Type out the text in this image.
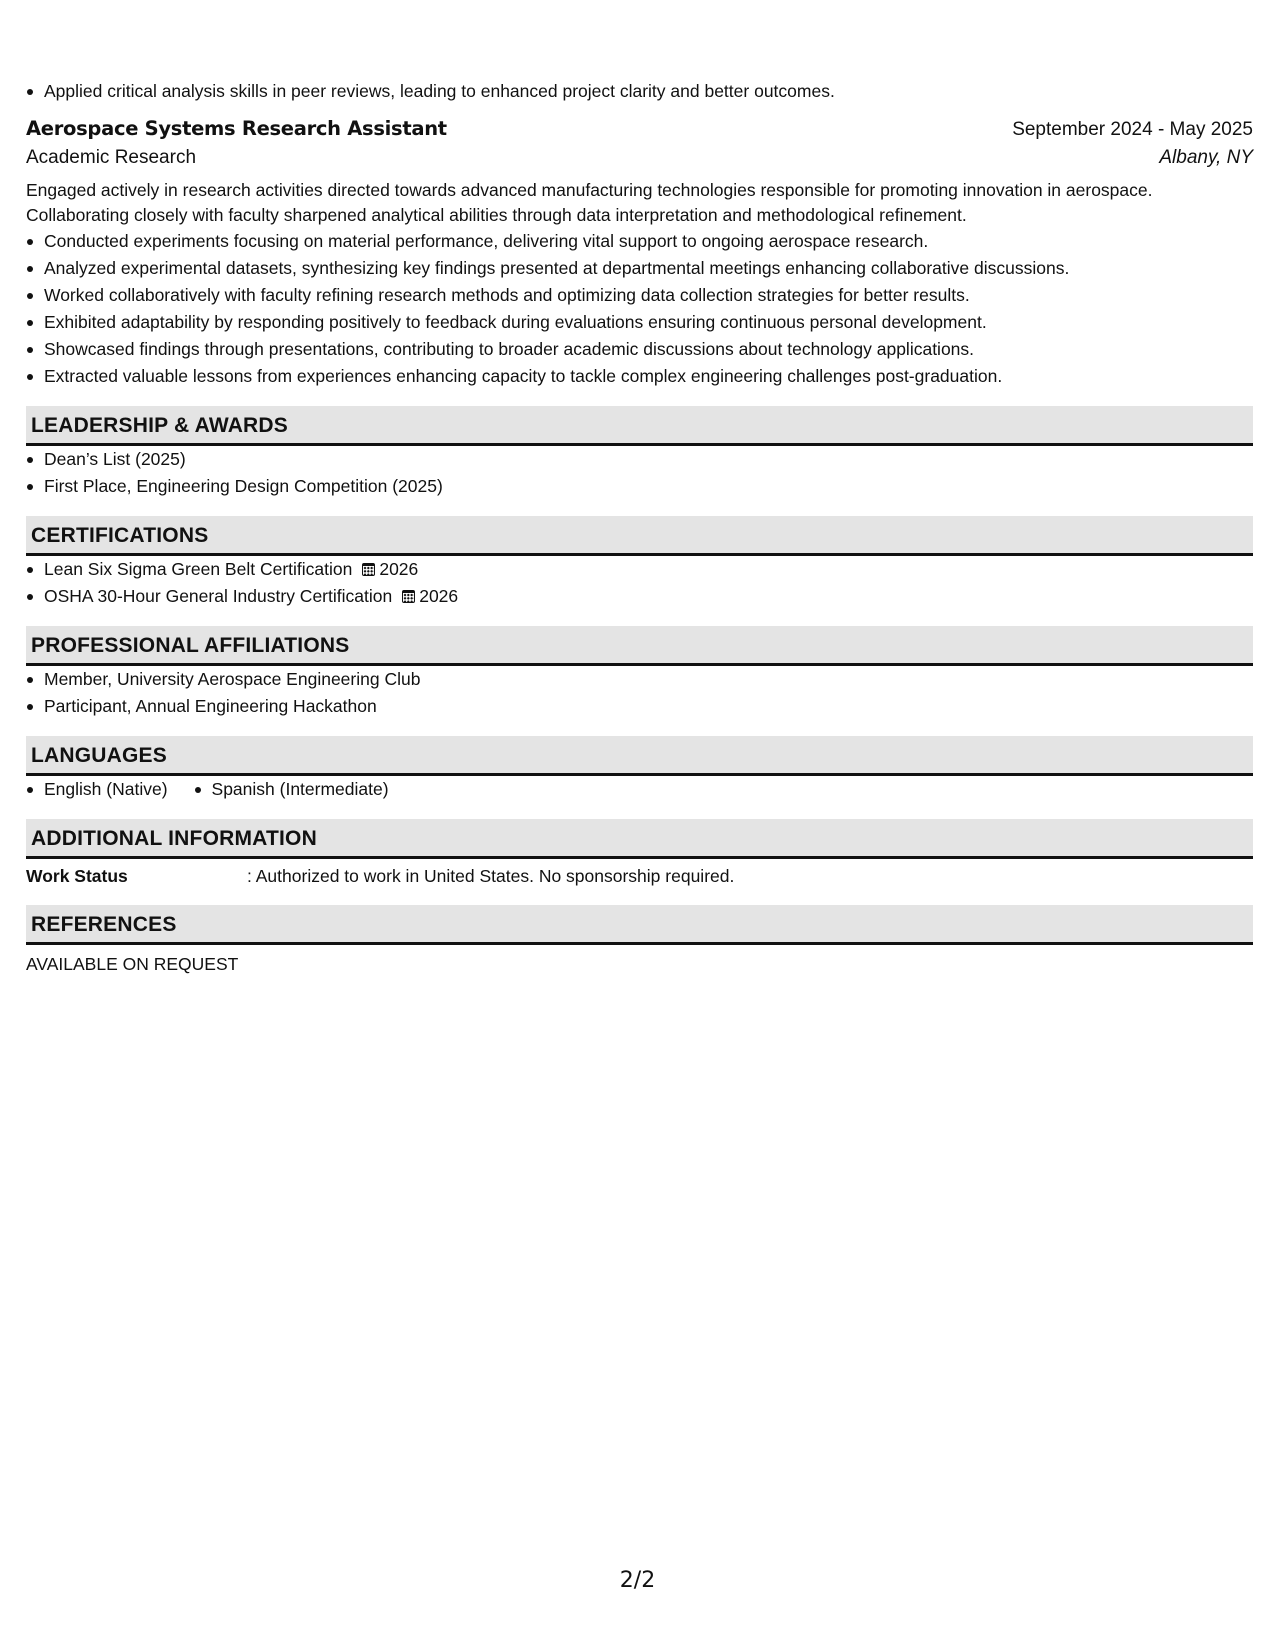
Applied critical analysis skills in peer reviews, leading to enhanced project clarity and better outcomes.
Aerospace Systems Research Assistant	September 2024 - May 2025
Academic Research	Albany, NY
Engaged actively in research activities directed towards advanced manufacturing technologies responsible for promoting innovation in aerospace. Collaborating closely with faculty sharpened analytical abilities through data interpretation and methodological refinement.
Conducted experiments focusing on material performance, delivering vital support to ongoing aerospace research.
Analyzed experimental datasets, synthesizing key findings presented at departmental meetings enhancing collaborative discussions.
Worked collaboratively with faculty refining research methods and optimizing data collection strategies for better results.
Exhibited adaptability by responding positively to feedback during evaluations ensuring continuous personal development.
Showcased findings through presentations, contributing to broader academic discussions about technology applications.
Extracted valuable lessons from experiences enhancing capacity to tackle complex engineering challenges post-graduation.
LEADERSHIP & AWARDS
Dean’s List (2025)
First Place, Engineering Design Competition (2025)
CERTIFICATIONS
Lean Six Sigma Green Belt Certification 2026
OSHA 30-Hour General Industry Certification 2026
PROFESSIONAL AFFILIATIONS
Member, University Aerospace Engineering Club
Participant, Annual Engineering Hackathon
LANGUAGES
English (Native)	Spanish (Intermediate)
ADDITIONAL INFORMATION
Work Status	: Authorized to work in United States. No sponsorship required.
REFERENCES
AVAILABLE ON REQUEST
2/2
